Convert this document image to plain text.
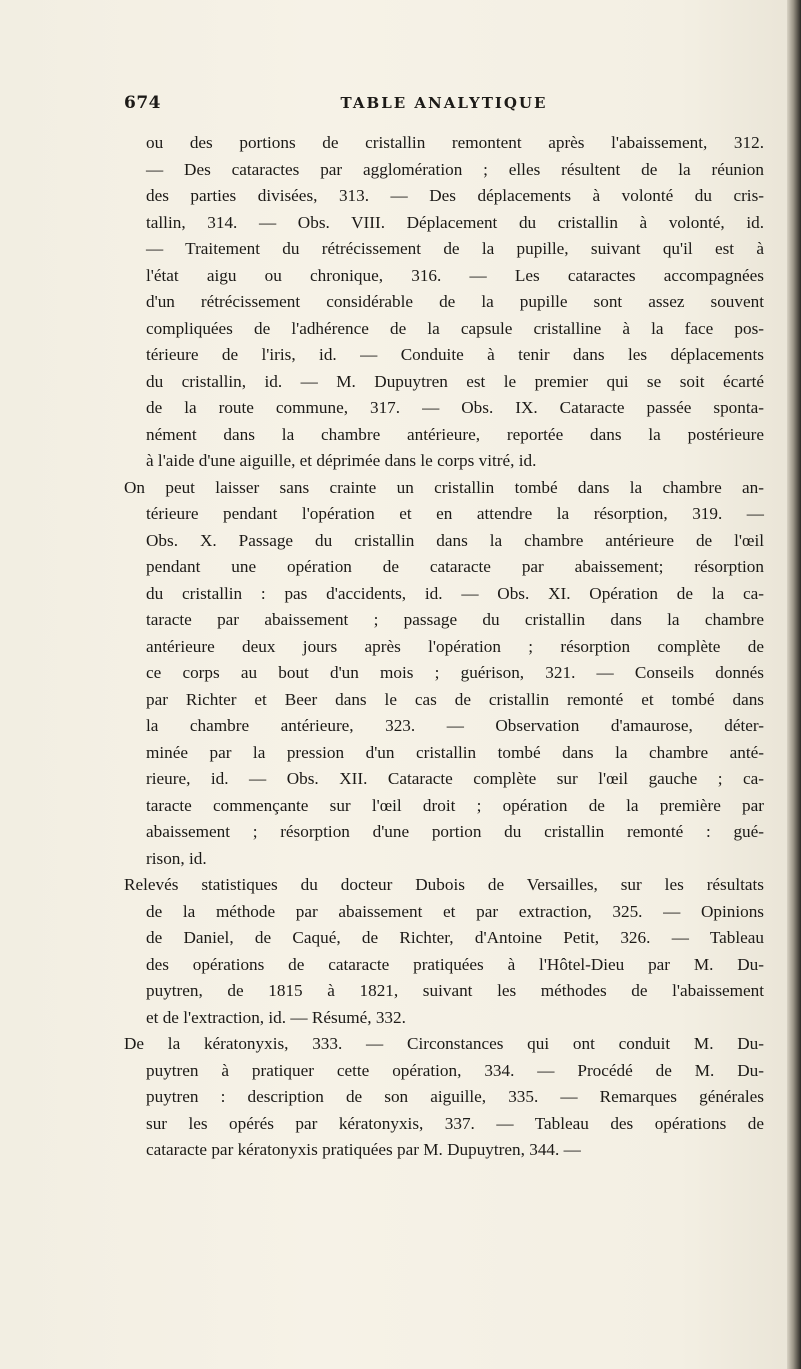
674	TABLE ANALYTIQUE
ou des portions de cristallin remontent après l'abaissement, 312.
— Des cataractes par agglomération ; elles résultent de la réunion
des parties divisées, 313. — Des déplacements à volonté du cris-
tallin, 314. — Obs. VIII. Déplacement du cristallin à volonté, id.
— Traitement du rétrécissement de la pupille, suivant qu'il est à
l'état aigu ou chronique, 316. — Les cataractes accompagnées
d'un rétrécissement considérable de la pupille sont assez souvent
compliquées de l'adhérence de la capsule cristalline à la face pos-
térieure de l'iris, id. — Conduite à tenir dans les déplacements
du cristallin, id. — M. Dupuytren est le premier qui se soit écarté
de la route commune, 317. — Obs. IX. Cataracte passée sponta-
nément dans la chambre antérieure, reportée dans la postérieure
à l'aide d'une aiguille, et déprimée dans le corps vitré, id.
On peut laisser sans crainte un cristallin tombé dans la chambre an-
térieure pendant l'opération et en attendre la résorption, 319. —
Obs. X. Passage du cristallin dans la chambre antérieure de l'œil
pendant une opération de cataracte par abaissement; résorption
du cristallin : pas d'accidents, id. — Obs. XI. Opération de la ca-
taracte par abaissement ; passage du cristallin dans la chambre
antérieure deux jours après l'opération ; résorption complète de
ce corps au bout d'un mois ; guérison, 321. — Conseils donnés
par Richter et Beer dans le cas de cristallin remonté et tombé dans
la chambre antérieure, 323. — Observation d'amaurose, déter-
minée par la pression d'un cristallin tombé dans la chambre anté-
rieure, id. — Obs. XII. Cataracte complète sur l'œil gauche ; ca-
taracte commençante sur l'œil droit ; opération de la première par
abaissement ; résorption d'une portion du cristallin remonté : gué-
rison, id.
Relevés statistiques du docteur Dubois de Versailles, sur les résultats
de la méthode par abaissement et par extraction, 325. — Opinions
de Daniel, de Caqué, de Richter, d'Antoine Petit, 326. — Tableau
des opérations de cataracte pratiquées à l'Hôtel-Dieu par M. Du-
puytren, de 1815 à 1821, suivant les méthodes de l'abaissement
et de l'extraction, id. — Résumé, 332.
De la kératonyxis, 333. — Circonstances qui ont conduit M. Du-
puytren à pratiquer cette opération, 334. — Procédé de M. Du-
puytren : description de son aiguille, 335. — Remarques générales
sur les opérés par kératonyxis, 337. — Tableau des opérations de
cataracte par kératonyxis pratiquées par M. Dupuytren, 344. —
